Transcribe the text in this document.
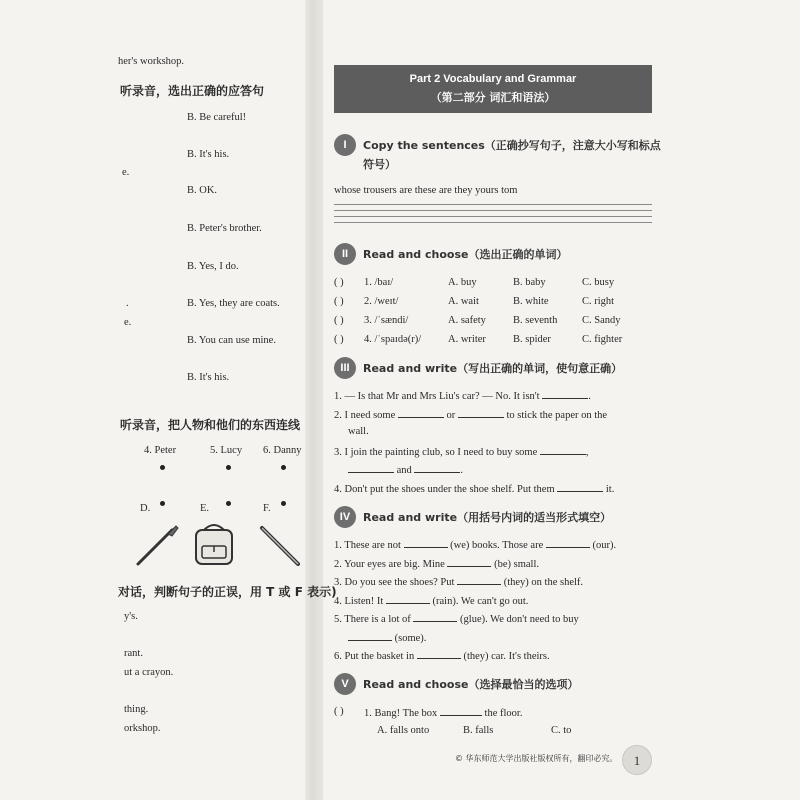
her's workshop.
听录音，选出正确的应答句
B. Be careful!
B. It's his.
e.
B. OK.
B. Peter's brother.
B. Yes, I do.
.	B. Yes, they are coats.
e.
B. You can use mine.
B. It's his.
听录音，把人物和他们的东西连线
4. Peter	5. Lucy 6. Danny
D.	E.	F.
对话，判断句子的正误，用 T 或 F 表示)
y's.
rant.
ut a crayon.
thing.
orkshop.
Part 2 Vocabulary and Grammar
（第二部分 词汇和语法）
I	Copy the sentences（正确抄写句子，注意大小写和标点
符号）
whose trousers are these are they yours tom
II	Read and choose（选出正确的单词）
( ) 1. /baɪ/	A. buy	B. baby	C. busy
( ) 2. /weɪt/	A. wait	B. white	C. right
( ) 3. /ˈsændi/	A. safety	B. seventh C. Sandy
( ) 4. /ˈspaɪdə(r)/	A. writer	B. spider	C. fighter
III	Read and write（写出正确的单词，使句意正确）
1. — Is that Mr and Mrs Liu's car? — No. It isn't	.
2. I need some	or	to stick the paper on the
wall.
3. I join the painting club, so I need to buy some	,
and	.
4. Don't put the shoes under the shoe shelf. Put them	it.
IV	Read and write（用括号内词的适当形式填空）
1. These are not	(we) books. Those are	(our).
2. Your eyes are big. Mine	(be) small.
3. Do you see the shoes? Put	(they) on the shelf.
4. Listen! It	(rain). We can't go out.
5. There is a lot of	(glue). We don't need to buy
(some).
6. Put the basket in	(they) car. It's theirs.
V	Read and choose（选择最恰当的选项）
( ) 1. Bang! The box	the floor.
A. falls onto	B. falls	C. to
© 华东师范大学出版社版权所有，翻印必究。	1
